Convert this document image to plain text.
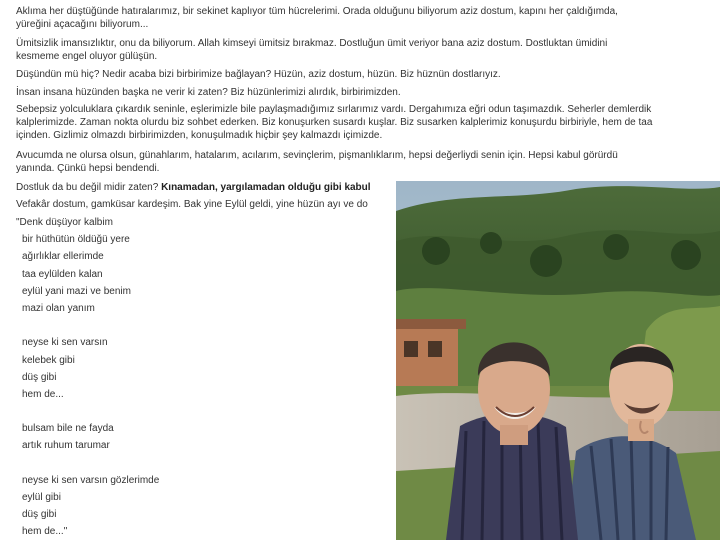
Aklıma her düştüğünde hatıralarımız, bir sekinet kaplıyor tüm hücrelerimi. Orada olduğunu biliyorum aziz dostum, kapını her çaldığımda,
yüreğini açacağını biliyorum...

Ümitsizlik imansızlıktır, onu da biliyorum. Allah kimseyi ümitsiz bırakmaz. Dostluğun ümit veriyor bana aziz dostum. Dostluktan ümidini
kesmeme engel oluyor gülüşün.

Düşündün mü hiç? Nedir acaba bizi birbirimize bağlayan? Hüzün, aziz dostum, hüzün. Biz hüznün dostlarıyız.

İnsan insana hüzünden başka ne verir ki zaten? Biz hüzünlerimizi alırdık, birbirimizden.

Sebepsiz yolculuklara çıkardık seninle, eşlerimizle bile paylaşmadığımız sırlarımız vardı. Dergahımıza eğri odun taşımazdık. Seherler demlerdik
kalplerimizde. Zaman nokta olurdu biz sohbet ederken. Biz konuşurken susardı kuşlar. Biz susarken kalplerimiz konuşurdu birbiriyle, hem de taa
içinden. Gizlimiz olmazdı birbirimizden, konuşulmadık hiçbir şey kalmazdı içimizde.

Avucumda ne olursa olsun, günahlarım, hatalarım, acılarım, sevinçlerim, pişmanlıklarım, hepsi değerliydi senin için. Hepsi kabul görürdü
yanında. Çünkü hepsi bendendi.

Dostluk da bu değil midir zaten? Kınamadan, yargılamadan olduğu gibi kabul

Vefakâr dostum, gamküsar kardeşim. Bak yine Eylül geldi, yine hüzün ayı ve do

"Denk düşüyor kalbim
bir hüthütün öldüğü yere
ağırlıklar ellerimde
taa eylülden kalan
eylül yani mazi ve benim
mazi olan yanım
neyse ki sen varsın
kelebek gibi
düş gibi
hem de...
bulsam bile ne fayda
artık ruhum tarumar
neyse ki sen varsın gözlerimde
eylül gibi
düş gibi
hem de..."
